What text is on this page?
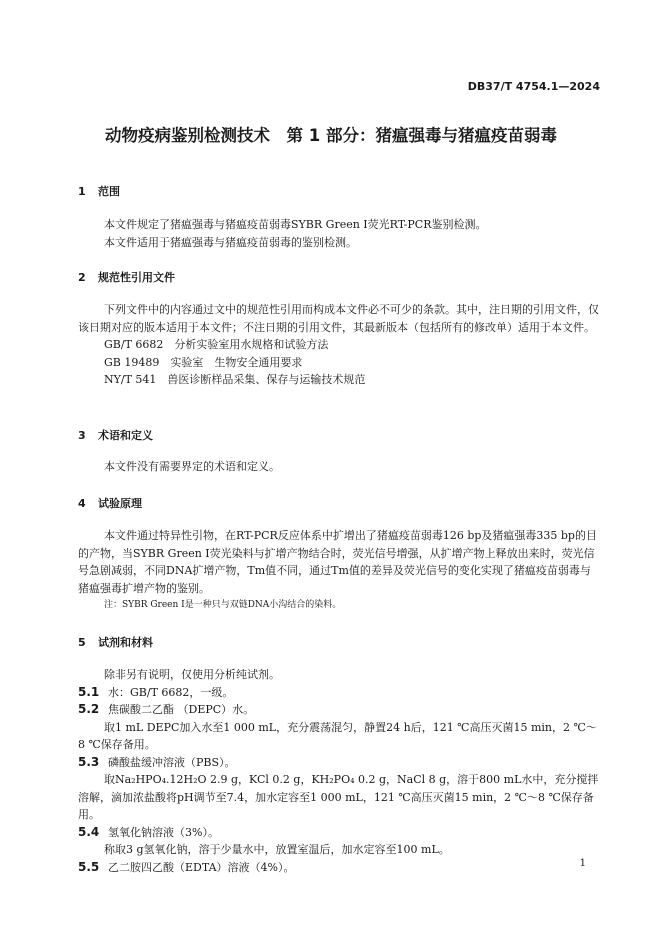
DB37/T 4754.1—2024
动物疫病鉴别检测技术　第 1 部分：猪瘟强毒与猪瘟疫苗弱毒
1 范围

本文件规定了猪瘟强毒与猪瘟疫苗弱毒SYBR Green I荧光RT-PCR鉴别检测。

本文件适用于猪瘟强毒与猪瘟疫苗弱毒的鉴别检测。

2 规范性引用文件

下列文件中的内容通过文中的规范性引用而构成本文件必不可少的条款。其中，注日期的引用文件，仅该日期对应的版本适用于本文件；不注日期的引用文件，其最新版本（包括所有的修改单）适用于本文件。

GB/T 6682　分析实验室用水规格和试验方法

GB 19489　实验室　生物安全通用要求

NY/T 541　兽医诊断样品采集、保存与运输技术规范

3 术语和定义

本文件没有需要界定的术语和定义。

4 试验原理

本文件通过特异性引物，在RT-PCR反应体系中扩增出了猪瘟疫苗弱毒126 bp及猪瘟强毒335 bp的目的产物，当SYBR Green I荧光染料与扩增产物结合时，荧光信号增强，从扩增产物上释放出来时，荧光信号急剧减弱，不同DNA扩增产物，Tm值不同，通过Tm值的差异及荧光信号的变化实现了猪瘟疫苗弱毒与猪瘟强毒扩增产物的鉴别。

注：SYBR Green I是一种只与双链DNA小沟结合的染料。

5 试剂和材料

除非另有说明，仅使用分析纯试剂。

5.1 水：GB/T 6682，一级。

5.2 焦碳酸二乙酯 （DEPC）水。

取1 mL DEPC加入水至1 000 mL，充分震荡混匀，静置24 h后，121 ℃高压灭菌15 min，2 ℃～8 ℃保存备用。

5.3 磷酸盐缓冲溶液（PBS）。

取Na₂HPO₄.12H₂O 2.9 g，KCl 0.2 g，KH₂PO₄ 0.2 g，NaCl 8 g，溶于800 mL水中，充分搅拌溶解，滴加浓盐酸将pH调节至7.4，加水定容至1 000 mL，121 ℃高压灭菌15 min，2 ℃～8 ℃保存备用。

5.4 氢氧化钠溶液（3%）。

称取3 g氢氧化钠，溶于少量水中，放置室温后，加水定容至100 mL。

5.5 乙二胺四乙酸（EDTA）溶液（4%）。	1
